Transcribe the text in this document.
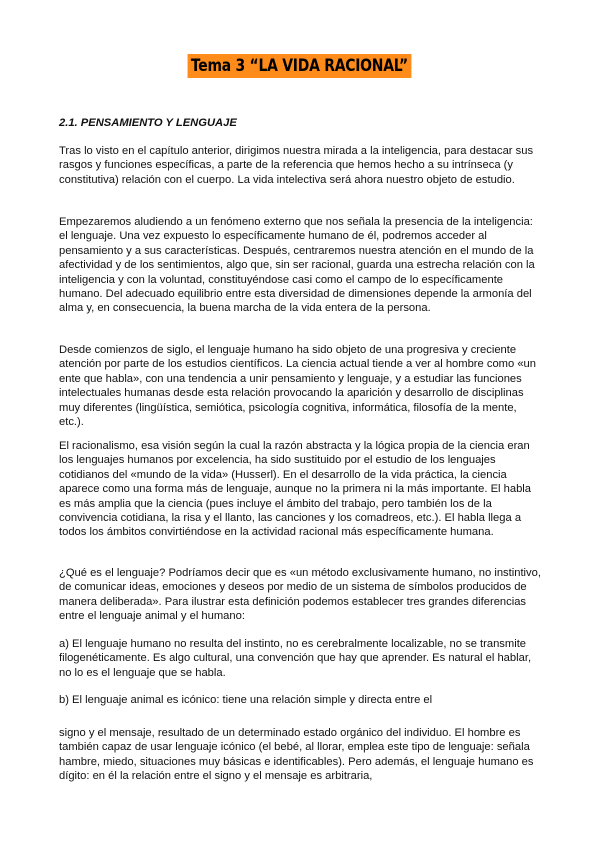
Tema 3 “LA VIDA RACIONAL”
2.1. PENSAMIENTO Y LENGUAJE

Tras lo visto en el capítulo anterior, dirigimos nuestra mirada a la inteligencia, para destacar sus rasgos y funciones específicas, a parte de la referencia que hemos hecho a su intrínseca (y constitutiva) relación con el cuerpo. La vida intelectiva será ahora nuestro objeto de estudio.

Empezaremos aludiendo a un fenómeno externo que nos señala la presencia de la inteligencia: el lenguaje. Una vez expuesto lo específicamente humano de él, podremos acceder al pensamiento y a sus características. Después, centraremos nuestra atención en el mundo de la afectividad y de los sentimientos, algo que, sin ser racional, guarda una estrecha relación con la inteligencia y con la voluntad, constituyéndose casi como el campo de lo específicamente humano. Del adecuado equilibrio entre esta diversidad de dimensiones depende la armonía del alma y, en consecuencia, la buena marcha de la vida entera de la persona.

Desde comienzos de siglo, el lenguaje humano ha sido objeto de una progresiva y creciente atención por parte de los estudios científicos. La ciencia actual tiende a ver al hombre como «un ente que habla», con una tendencia a unir pensamiento y lenguaje, y a estudiar las funciones intelectuales humanas desde esta relación provocando la aparición y desarrollo de disciplinas muy diferentes (lingüística, semiótica, psicología cognitiva, informática, filosofía de la mente, etc.).

El racionalismo, esa visión según la cual la razón abstracta y la lógica propia de la ciencia eran los lenguajes humanos por excelencia, ha sido sustituido por el estudio de los lenguajes cotidianos del «mundo de la vida» (Husserl). En el desarrollo de la vida práctica, la ciencia aparece como una forma más de lenguaje, aunque no la primera ni la más importante. El habla es más amplia que la ciencia (pues incluye el ámbito del trabajo, pero también los de la convivencia cotidiana, la risa y el llanto, las canciones y los comadreos, etc.). El habla llega a todos los ámbitos convirtiéndose en la actividad racional más específicamente humana.

¿Qué es el lenguaje? Podríamos decir que es «un método exclusivamente humano, no instintivo, de comunicar ideas, emociones y deseos por medio de un sistema de símbolos producidos de manera deliberada». Para ilustrar esta definición podemos establecer tres grandes diferencias entre el lenguaje animal y el humano:

a) El lenguaje humano no resulta del instinto, no es cerebralmente localizable, no se transmite filogenéticamente. Es algo cultural, una convención que hay que aprender. Es natural el hablar, no lo es el lenguaje que se habla.

b) El lenguaje animal es icónico: tiene una relación simple y directa entre el

signo y el mensaje, resultado de un determinado estado orgánico del individuo. El hombre es también capaz de usar lenguaje icónico (el bebé, al llorar, emplea este tipo de lenguaje: señala hambre, miedo, situaciones muy básicas e identificables). Pero además, el lenguaje humano es dígito: en él la relación entre el signo y el mensaje es arbitraria,
